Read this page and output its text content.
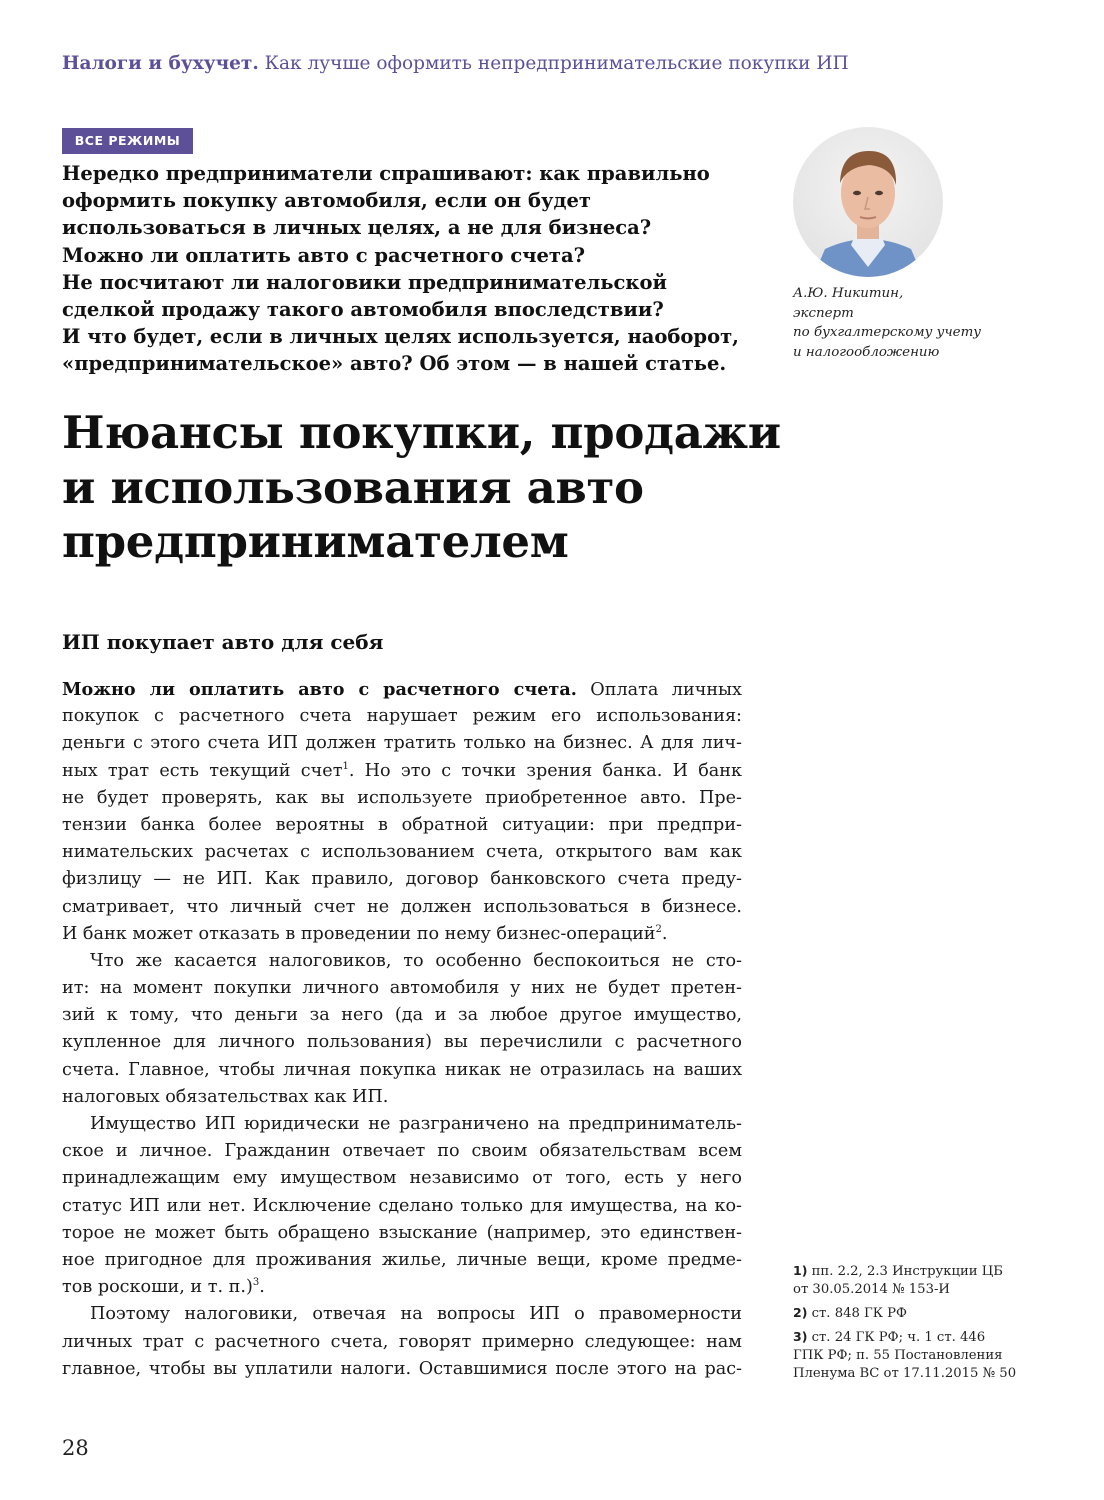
Налоги и бухучет. Как лучше оформить непредпринимательские покупки ИП
ВСЕ РЕЖИМЫ
Нередко предприниматели спрашивают: как правильно
оформить покупку автомобиля, если он будет
использоваться в личных целях, а не для бизнеса?
Можно ли оплатить авто с расчетного счета?
Не посчитают ли налоговики предпринимательской
сделкой продажу такого автомобиля впоследствии?
И что будет, если в личных целях используется, наоборот,
«предпринимательское» авто? Об этом — в нашей статье.
А.Ю. Никитин,
эксперт
по бухгалтерскому учету
и налогообложению
Нюансы покупки, продажи
и использования авто
предпринимателем
ИП покупает авто для себя
Можно ли оплатить авто с расчетного счета. Оплата личных
покупок с расчетного счета нарушает режим его использования:
деньги с этого счета ИП должен тратить только на бизнес. А для лич-
ных трат есть текущий счет$^1$. Но это с точки зрения банка. И банк
не будет проверять, как вы используете приобретенное авто. Пре-
тензии банка более вероятны в обратной ситуации: при предпри-
нимательских расчетах с использованием счета, открытого вам как
физлицу — не ИП. Как правило, договор банковского счета преду-
сматривает, что личный счет не должен использоваться в бизнесе.
И банк может отказать в проведении по нему бизнес-операций$^2$.
Что же касается налоговиков, то особенно беспокоиться не сто-
ит: на момент покупки личного автомобиля у них не будет претен-
зий к тому, что деньги за него (да и за любое другое имущество,
купленное для личного пользования) вы перечислили с расчетного
счета. Главное, чтобы личная покупка никак не отразилась на ваших
налоговых обязательствах как ИП.
Имущество ИП юридически не разграничено на предприниматель-
ское и личное. Гражданин отвечает по своим обязательствам всем
принадлежащим ему имуществом независимо от того, есть у него
статус ИП или нет. Исключение сделано только для имущества, на ко-
торое не может быть обращено взыскание (например, это единствен-
ное пригодное для проживания жилье, личные вещи, кроме предме-
тов роскоши, и т. п.)$^3$.
Поэтому налоговики, отвечая на вопросы ИП о правомерности
личных трат с расчетного счета, говорят примерно следующее: нам
главное, чтобы вы уплатили налоги. Оставшимися после этого на рас-
1) пп. 2.2, 2.3 Инструкции ЦБ
от 30.05.2014 № 153-И
2) ст. 848 ГК РФ
3) ст. 24 ГК РФ; ч. 1 ст. 446
ГПК РФ; п. 55 Постановления
Пленума ВС от 17.11.2015 № 50
28
